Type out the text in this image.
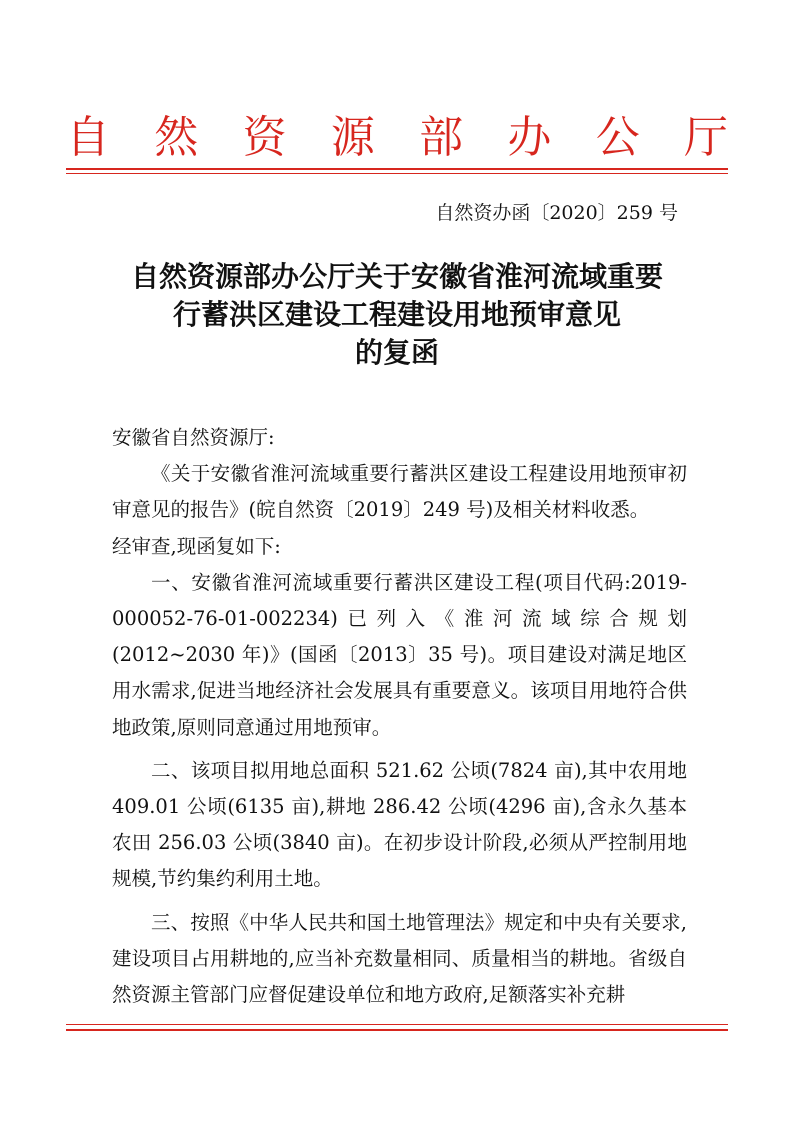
自 然 资 源 部 办 公 厅
自然资办函〔2020〕259 号
自然资源部办公厅关于安徽省淮河流域重要
行蓄洪区建设工程建设用地预审意见
的复函

安徽省自然资源厅:

《关于安徽省淮河流域重要行蓄洪区建设工程建设用地预审初审意见的报告》(皖自然资〔2019〕249 号)及相关材料收悉。

经审查,现函复如下:

一、安徽省淮河流域重要行蓄洪区建设工程(项目代码:2019-000052-76-01-002234)已列入《淮河流域综合规划(2012~2030 年)》(国函〔2013〕35 号)。项目建设对满足地区用水需求,促进当地经济社会发展具有重要意义。该项目用地符合供地政策,原则同意通过用地预审。

二、该项目拟用地总面积 521.62 公顷(7824 亩),其中农用地 409.01 公顷(6135 亩),耕地 286.42 公顷(4296 亩),含永久基本农田 256.03 公顷(3840 亩)。在初步设计阶段,必须从严控制用地规模,节约集约利用土地。

三、按照《中华人民共和国土地管理法》规定和中央有关要求,建设项目占用耕地的,应当补充数量相同、质量相当的耕地。省级自然资源主管部门应督促建设单位和地方政府,足额落实补充耕
